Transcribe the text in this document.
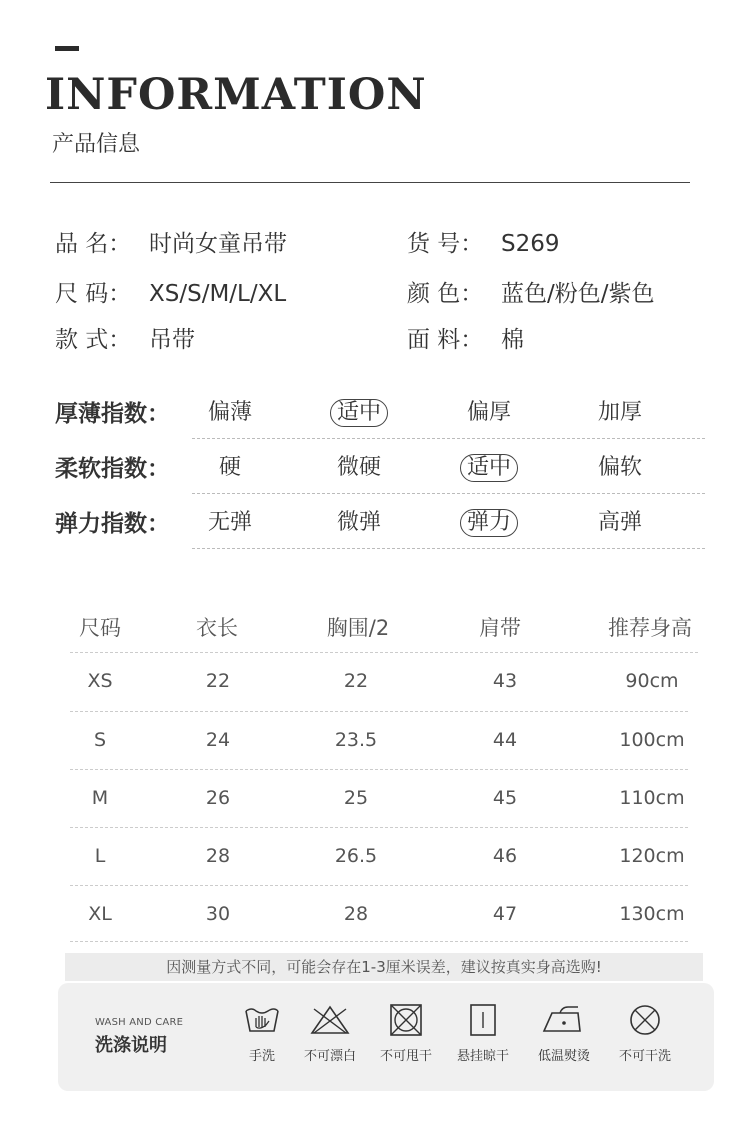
INFORMATION
产品信息
品 名： 时尚女童吊带	货 号： S269
尺 码： XS/S/M/L/XL	颜 色： 蓝色/粉色/紫色
款 式： 吊带	面 料： 棉
厚薄指数：	偏薄	适中	偏厚	加厚
柔软指数：	硬	微硬	适中	偏软
弹力指数：	无弹	微弹	弹力	高弹
尺码	衣长	胸围/2	肩带	推荐身高
XS	22	22	43	90cm
S	24	23.5	44	100cm
M	26	25	45	110cm
L	28	26.5	46	120cm
XL	30	28	47	130cm
因测量方式不同，可能会存在1-3厘米误差，建议按真实身高选购!
WASH AND CARE
洗涤说明
手洗	不可漂白	不可甩干	悬挂晾干	低温熨烫	不可干洗
